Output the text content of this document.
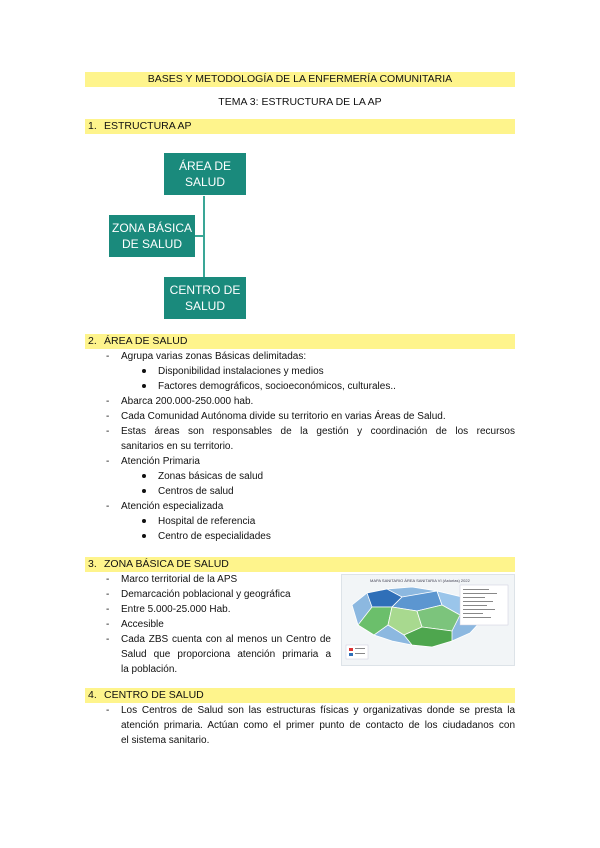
BASES Y METODOLOGÍA DE LA ENFERMERÍA COMUNITARIA
TEMA 3: ESTRUCTURA DE LA AP
1. ESTRUCTURA AP
ÁREA DE
SALUD
ZONA BÁSICA
DE SALUD
CENTRO DE
SALUD
2. ÁREA DE SALUD
- Agrupa varias zonas Básicas delimitadas:
Disponibilidad instalaciones y medios
Factores demográficos, socioeconómicos, culturales..
- Abarca 200.000-250.000 hab.
- Cada Comunidad Autónoma divide su territorio en varias Áreas de Salud.
- Estas áreas son responsables de la gestión y coordinación de los recursos
sanitarios en su territorio.
- Atención Primaria
Zonas básicas de salud
Centros de salud
- Atención especializada
Hospital de referencia
Centro de especialidades
3. ZONA BÁSICA DE SALUD
- Marco territorial de la APS
- Demarcación poblacional y geográfica
- Entre 5.000-25.000 Hab.
- Accesible
- Cada ZBS cuenta con al menos un Centro de
Salud que proporciona atención primaria a
la población.
MAPA SANITARIO ÁREA SANITARIA VI (Asturias) 2022
4. CENTRO DE SALUD
- Los Centros de Salud son las estructuras físicas y organizativas donde se presta la
atención primaria. Actúan como el primer punto de contacto de los ciudadanos con
el sistema sanitario.
